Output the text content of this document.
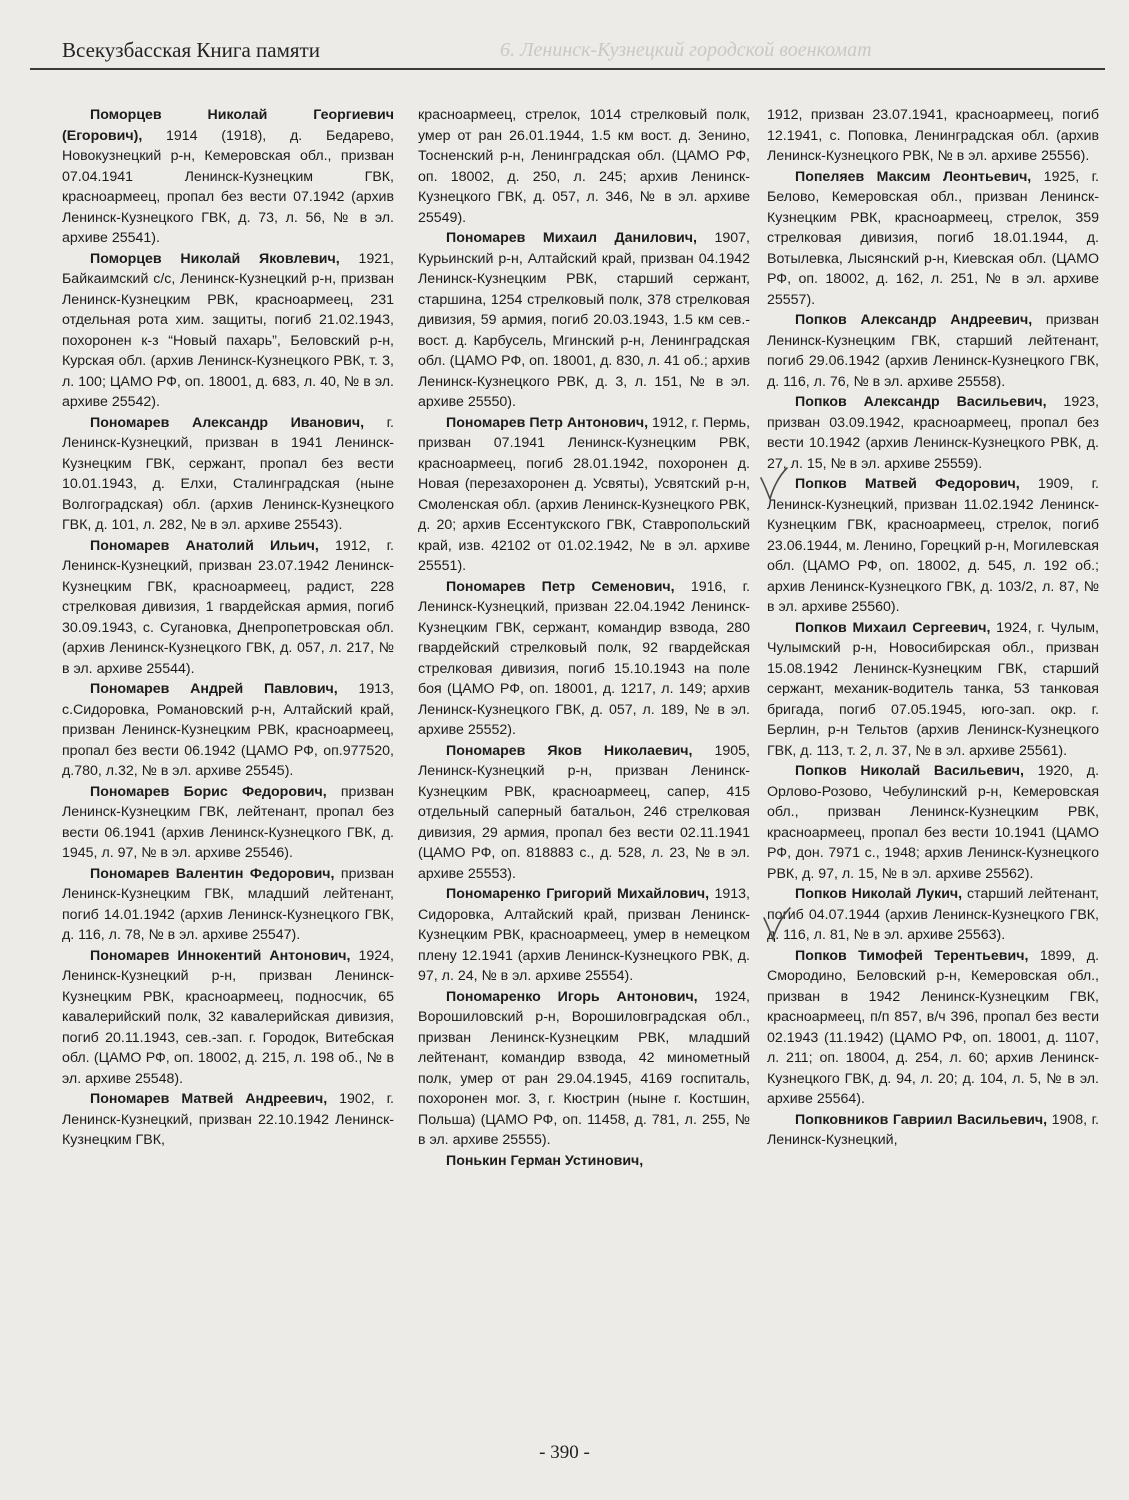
Всекузбасская Книга памяти	6. Ленинск-Кузнецкий городской военкомат

Поморцев Николай Георгиевич (Егорович), 1914 (1918), д. Бедарево, Новокузнецкий р-н, Кемеровская обл., призван 07.04.1941 Ленинск-Кузнецким ГВК, красноармеец, пропал без вести 07.1942 (архив Ленинск-Кузнецкого ГВК, д. 73, л. 56, № в эл. архиве 25541).

Поморцев Николай Яковлевич, 1921, Байкаимский с/с, Ленинск-Кузнецкий р-н, призван Ленинск-Кузнецким РВК, красноармеец, 231 отдельная рота хим. защиты, погиб 21.02.1943, похоронен к-з “Новый пахарь”, Беловский р-н, Курская обл. (архив Ленинск-Кузнецкого РВК, т. 3, л. 100; ЦАМО РФ, оп. 18001, д. 683, л. 40, № в эл. архиве 25542).

Пономарев Александр Иванович, г. Ленинск-Кузнецкий, призван в 1941 Ленинск-Кузнецким ГВК, сержант, пропал без вести 10.01.1943, д. Елхи, Сталинградская (ныне Волгоградская) обл. (архив Ленинск-Кузнецкого ГВК, д. 101, л. 282, № в эл. архиве 25543).

Пономарев Анатолий Ильич, 1912, г. Ленинск-Кузнецкий, призван 23.07.1942 Ленинск-Кузнецким ГВК, красноармеец, радист, 228 стрелковая дивизия, 1 гвардейская армия, погиб 30.09.1943, с. Сугановка, Днепропетровская обл. (архив Ленинск-Кузнецкого ГВК, д. 057, л. 217, № в эл. архиве 25544).

Пономарев Андрей Павлович, 1913, с.Сидоровка, Романовский р-н, Алтайский край, призван Ленинск-Кузнецким РВК, красноармеец, пропал без вести 06.1942 (ЦАМО РФ, оп.977520, д.780, л.32, № в эл. архиве 25545).

Пономарев Борис Федорович, призван Ленинск-Кузнецким ГВК, лейтенант, пропал без вести 06.1941 (архив Ленинск-Кузнецкого ГВК, д. 1945, л. 97, № в эл. архиве 25546).

Пономарев Валентин Федорович, призван Ленинск-Кузнецким ГВК, младший лейтенант, погиб 14.01.1942 (архив Ленинск-Кузнецкого ГВК, д. 116, л. 78, № в эл. архиве 25547).

Пономарев Иннокентий Антонович, 1924, Ленинск-Кузнецкий р-н, призван Ленинск-Кузнецким РВК, красноармеец, подносчик, 65 кавалерийский полк, 32 кавалерийская дивизия, погиб 20.11.1943, сев.-зап. г. Городок, Витебская обл. (ЦАМО РФ, оп. 18002, д. 215, л. 198 об., № в эл. архиве 25548).

Пономарев Матвей Андреевич, 1902, г. Ленинск-Кузнецкий, призван 22.10.1942 Ленинск-Кузнецким ГВК,

красноармеец, стрелок, 1014 стрелковый полк, умер от ран 26.01.1944, 1.5 км вост. д. Зенино, Тосненский р-н, Ленинградская обл. (ЦАМО РФ, оп. 18002, д. 250, л. 245; архив Ленинск-Кузнецкого ГВК, д. 057, л. 346, № в эл. архиве 25549).

Пономарев Михаил Данилович, 1907, Курьинский р-н, Алтайский край, призван 04.1942 Ленинск-Кузнецким РВК, старший сержант, старшина, 1254 стрелковый полк, 378 стрелковая дивизия, 59 армия, погиб 20.03.1943, 1.5 км сев.-вост. д. Карбусель, Мгинский р-н, Ленинградская обл. (ЦАМО РФ, оп. 18001, д. 830, л. 41 об.; архив Ленинск-Кузнецкого РВК, д. 3, л. 151, № в эл. архиве 25550).

Пономарев Петр Антонович, 1912, г. Пермь, призван 07.1941 Ленинск-Кузнецким РВК, красноармеец, погиб 28.01.1942, похоронен д. Новая (перезахоронен д. Усвяты), Усвятский р-н, Смоленская обл. (архив Ленинск-Кузнецкого РВК, д. 20; архив Ессентукского ГВК, Ставропольский край, изв. 42102 от 01.02.1942, № в эл. архиве 25551).

Пономарев Петр Семенович, 1916, г. Ленинск-Кузнецкий, призван 22.04.1942 Ленинск-Кузнецким ГВК, сержант, командир взвода, 280 гвардейский стрелковый полк, 92 гвардейская стрелковая дивизия, погиб 15.10.1943 на поле боя (ЦАМО РФ, оп. 18001, д. 1217, л. 149; архив Ленинск-Кузнецкого ГВК, д. 057, л. 189, № в эл. архиве 25552).

Пономарев Яков Николаевич, 1905, Ленинск-Кузнецкий р-н, призван Ленинск-Кузнецким РВК, красноармеец, сапер, 415 отдельный саперный батальон, 246 стрелковая дивизия, 29 армия, пропал без вести 02.11.1941 (ЦАМО РФ, оп. 818883 с., д. 528, л. 23, № в эл. архиве 25553).

Пономаренко Григорий Михайлович, 1913, Сидоровка, Алтайский край, призван Ленинск-Кузнецким РВК, красноармеец, умер в немецком плену 12.1941 (архив Ленинск-Кузнецкого РВК, д. 97, л. 24, № в эл. архиве 25554).

Пономаренко Игорь Антонович, 1924, Ворошиловский р-н, Ворошиловградская обл., призван Ленинск-Кузнецким РВК, младший лейтенант, командир взвода, 42 минометный полк, умер от ран 29.04.1945, 4169 госпиталь, похоронен мог. 3, г. Кюстрин (ныне г. Костшин, Польша) (ЦАМО РФ, оп. 11458, д. 781, л. 255, № в эл. архиве 25555).

Понькин Герман Устинович,

1912, призван 23.07.1941, красноармеец, погиб 12.1941, с. Поповка, Ленинградская обл. (архив Ленинск-Кузнецкого РВК, № в эл. архиве 25556).

Попеляев Максим Леонтьевич, 1925, г. Белово, Кемеровская обл., призван Ленинск-Кузнецким РВК, красноармеец, стрелок, 359 стрелковая дивизия, погиб 18.01.1944, д. Вотылевка, Лысянский р-н, Киевская обл. (ЦАМО РФ, оп. 18002, д. 162, л. 251, № в эл. архиве 25557).

Попков Александр Андреевич, призван Ленинск-Кузнецким ГВК, старший лейтенант, погиб 29.06.1942 (архив Ленинск-Кузнецкого ГВК, д. 116, л. 76, № в эл. архиве 25558).

Попков Александр Васильевич, 1923, призван 03.09.1942, красноармеец, пропал без вести 10.1942 (архив Ленинск-Кузнецкого РВК, д. 27, л. 15, № в эл. архиве 25559).

Попков Матвей Федорович, 1909, г. Ленинск-Кузнецкий, призван 11.02.1942 Ленинск-Кузнецким ГВК, красноармеец, стрелок, погиб 23.06.1944, м. Ленино, Горецкий р-н, Могилевская обл. (ЦАМО РФ, оп. 18002, д. 545, л. 192 об.; архив Ленинск-Кузнецкого ГВК, д. 103/2, л. 87, № в эл. архиве 25560).

Попков Михаил Сергеевич, 1924, г. Чулым, Чулымский р-н, Новосибирская обл., призван 15.08.1942 Ленинск-Кузнецким ГВК, старший сержант, механик-водитель танка, 53 танковая бригада, погиб 07.05.1945, юго-зап. окр. г. Берлин, р-н Тельтов (архив Ленинск-Кузнецкого ГВК, д. 113, т. 2, л. 37, № в эл. архиве 25561).

Попков Николай Васильевич, 1920, д. Орлово-Розово, Чебулинский р-н, Кемеровская обл., призван Ленинск-Кузнецким РВК, красноармеец, пропал без вести 10.1941 (ЦАМО РФ, дон. 7971 с., 1948; архив Ленинск-Кузнецкого РВК, д. 97, л. 15, № в эл. архиве 25562).

Попков Николай Лукич, старший лейтенант, погиб 04.07.1944 (архив Ленинск-Кузнецкого ГВК, д. 116, л. 81, № в эл. архиве 25563).

Попков Тимофей Терентьевич, 1899, д. Смородино, Беловский р-н, Кемеровская обл., призван в 1942 Ленинск-Кузнецким ГВК, красноармеец, п/п 857, в/ч 396, пропал без вести 02.1943 (11.1942) (ЦАМО РФ, оп. 18001, д. 1107, л. 211; оп. 18004, д. 254, л. 60; архив Ленинск-Кузнецкого ГВК, д. 94, л. 20; д. 104, л. 5, № в эл. архиве 25564).

Попковников Гавриил Васильевич, 1908, г. Ленинск-Кузнецкий,

- 390 -
